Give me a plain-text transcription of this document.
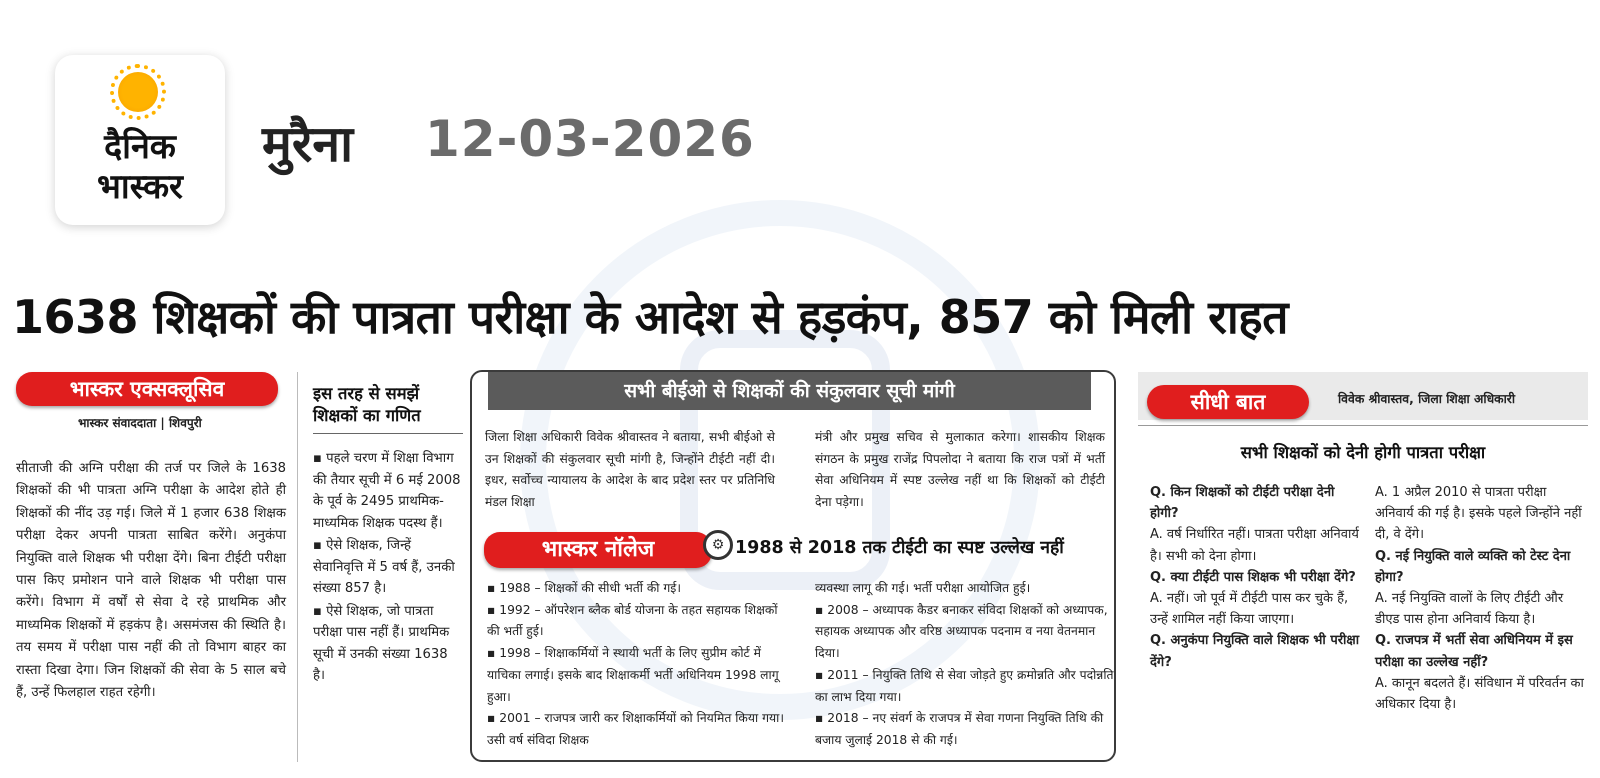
दैनिक
भास्कर
मुरैना 12-03-2026
1638 शिक्षकों की पात्रता परीक्षा के आदेश से हड़कंप, 857 को मिली राहत
भास्कर एक्सक्लूसिव
भास्कर संवाददाता | शिवपुरी
सीताजी की अग्नि परीक्षा की तर्ज पर जिले के 1638 शिक्षकों की भी पात्रता अग्नि परीक्षा के आदेश होते ही शिक्षकों की नींद उड़ गई। जिले में 1 हजार 638 शिक्षक परीक्षा देकर अपनी पात्रता साबित करेंगे। अनुकंपा नियुक्ति वाले शिक्षक भी परीक्षा देंगे। बिना टीईटी परीक्षा पास किए प्रमोशन पाने वाले शिक्षक भी परीक्षा पास करेंगे। विभाग में वर्षों से सेवा दे रहे प्राथमिक और माध्यमिक शिक्षकों में हड़कंप है। असमंजस की स्थिति है। तय समय में परीक्षा पास नहीं की तो विभाग बाहर का रास्ता दिखा देगा। जिन शिक्षकों की सेवा के 5 साल बचे हैं, उन्हें फिलहाल राहत रहेगी।
इस तरह से समझें शिक्षकों का गणित

▪ पहले चरण में शिक्षा विभाग की तैयार सूची में 6 मई 2008 के पूर्व के 2495 प्राथमिक- माध्यमिक शिक्षक पदस्थ हैं।

▪ ऐसे शिक्षक, जिन्हें सेवानिवृत्ति में 5 वर्ष हैं, उनकी संख्या 857 है।

▪ ऐसे शिक्षक, जो पात्रता परीक्षा पास नहीं हैं। प्राथमिक सूची में उनकी संख्या 1638 है।

सभी बीईओ से शिक्षकों की संकुलवार सूची मांगी
जिला शिक्षा अधिकारी विवेक श्रीवास्तव ने बताया, सभी बीईओ से उन शिक्षकों की संकुलवार सूची मांगी है, जिन्होंने टीईटी नहीं दी। इधर, सर्वोच्च न्यायालय के आदेश के बाद प्रदेश स्तर पर प्रतिनिधि मंडल शिक्षा
मंत्री और प्रमुख सचिव से मुलाकात करेगा। शासकीय शिक्षक संगठन के प्रमुख राजेंद्र पिपलोदा ने बताया कि राज पत्रों में भर्ती सेवा अधिनियम में स्पष्ट उल्लेख नहीं था कि शिक्षकों को टीईटी देना पड़ेगा।
भास्कर नॉलेज	⚙ 1988 से 2018 तक टीईटी का स्पष्ट उल्लेख नहीं

▪ 1988 – शिक्षकों की सीधी भर्ती की गई।

▪ 1992 – ऑपरेशन ब्लैक बोर्ड योजना के तहत सहायक शिक्षकों की भर्ती हुई।

▪ 1998 – शिक्षाकर्मियों ने स्थायी भर्ती के लिए सुप्रीम कोर्ट में याचिका लगाई। इसके बाद शिक्षाकर्मी भर्ती अधिनियम 1998 लागू हुआ।

▪ 2001 – राजपत्र जारी कर शिक्षाकर्मियों को नियमित किया गया। उसी वर्ष संविदा शिक्षक

व्यवस्था लागू की गई। भर्ती परीक्षा आयोजित हुई।

▪ 2008 – अध्यापक कैडर बनाकर संविदा शिक्षकों को अध्यापक, सहायक अध्यापक और वरिष्ठ अध्यापक पदनाम व नया वेतनमान दिया।

▪ 2011 – नियुक्ति तिथि से सेवा जोड़ते हुए क्रमोन्नति और पदोन्नति का लाभ दिया गया।

▪ 2018 – नए संवर्ग के राजपत्र में सेवा गणना नियुक्ति तिथि की बजाय जुलाई 2018 से की गई।

सीधी बात	विवेक श्रीवास्तव, जिला शिक्षा अधिकारी
सभी शिक्षकों को देनी होगी पात्रता परीक्षा

Q. किन शिक्षकों को टीईटी परीक्षा देनी होगी?

A. वर्ष निर्धारित नहीं। पात्रता परीक्षा अनिवार्य है। सभी को देना होगा।

Q. क्या टीईटी पास शिक्षक भी परीक्षा देंगे?

A. नहीं। जो पूर्व में टीईटी पास कर चुके हैं, उन्हें शामिल नहीं किया जाएगा।

Q. अनुकंपा नियुक्ति वाले शिक्षक भी परीक्षा देंगे?

A. 1 अप्रैल 2010 से पात्रता परीक्षा अनिवार्य की गई है। इसके पहले जिन्होंने नहीं दी, वे देंगे।

Q. नई नियुक्ति वाले व्यक्ति को टेस्ट देना होगा?

A. नई नियुक्ति वालों के लिए टीईटी और डीएड पास होना अनिवार्य किया है।

Q. राजपत्र में भर्ती सेवा अधिनियम में इस परीक्षा का उल्लेख नहीं?

A. कानून बदलते हैं। संविधान में परिवर्तन का अधिकार दिया है।
